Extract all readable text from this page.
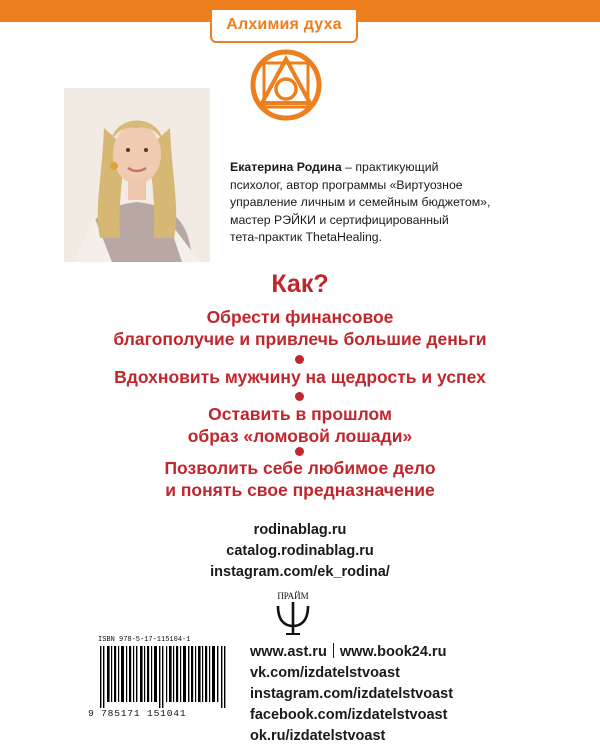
Алхимия духа
Екатерина Родина – практикующий
психолог, автор программы «Виртуозное
управление личным и семейным бюджетом»,
мастер РЭЙКИ и сертифицированный
тета-практик ThetaHealing.
Как?
Обрести финансовое
благополучие и привлечь большие деньги
Вдохновить мужчину на щедрость и успех
Оставить в прошлом
образ «ломовой лошади»
Позволить себе любимое дело
и понять свое предназначение
rodinablag.ru
catalog.rodinablag.ru
instagram.com/ek_rodina/
ПРАЙМ
ISBN 978-5-17-115104-1
9 785171 151041
www.ast.ru www.book24.ru
vk.com/izdatelstvoast
instagram.com/izdatelstvoast
facebook.com/izdatelstvoast
ok.ru/izdatelstvoast
